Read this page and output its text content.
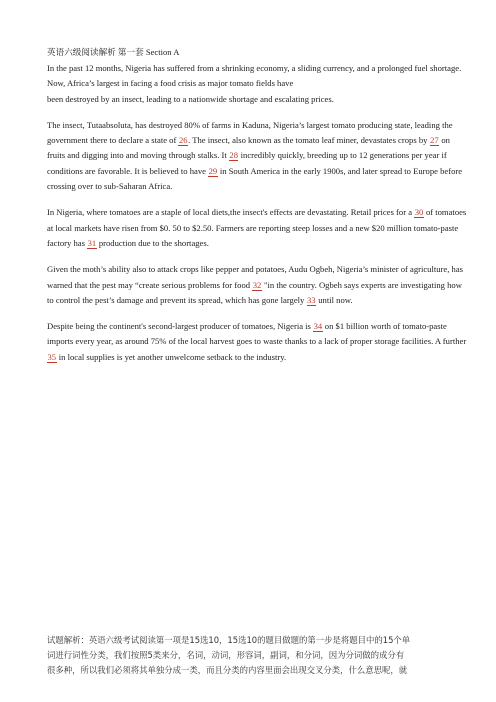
英语六级阅读解析 第一套 Section A

In the past 12 months, Nigeria has suffered from a shrinking economy, a sliding currency, and a prolonged fuel shortage. Now, Africa’s largest in facing a food crisis as major tomato fields have
been destroyed by an insect, leading to a nationwide shortage and escalating prices.

The insect, Tutaabsoluta, has destroyed 80% of farms in Kaduna, Nigeria’s largest tomato producing state, leading the government there to declare a state of 26. The insect, also known as the tomato leaf miner, devastates crops by 27 on fruits and digging into and moving through stalks. It 28 incredibly quickly, breeding up to 12 generations per year if conditions are favorable. It is believed to have 29 in South America in the early 1900s, and later spread to Europe before crossing over to sub-Saharan Africa.

In Nigeria, where tomatoes are a staple of local diets,the insect's effects are devastating. Retail prices for a 30 of tomatoes at local markets have risen from $0. 50 to $2.50. Farmers are reporting steep losses and a new $20 million tomato-paste factory has 31 production due to the shortages.

Given the moth’s ability also to attack crops like pepper and potatoes, Audu Ogbeh, Nigeria’s minister of agriculture, has warned that the pest may “create serious problems for food 32 "in the country. Ogbeh says experts are investigating how to control the pest’s damage and prevent its spread, which has gone largely 33 until now.

Despite being the continent's second-largest producer of tomatoes, Nigeria is 34 on $1 billion worth of tomato-paste imports every year, as around 75% of the local harvest goes to waste thanks to a lack of proper storage facilities. A further 35 in local supplies is yet another unwelcome setback to the industry.

试题解析：英语六级考试阅读第一项是15选10，15选10的题目做题的第一步是将题目中的15个单

词进行词性分类，我们按照5类来分，名词，动词，形容词，副词，和分词，因为分词做的成分有

很多种，所以我们必须将其单独分成一类，而且分类的内容里面会出现交叉分类，什么意思呢，就
